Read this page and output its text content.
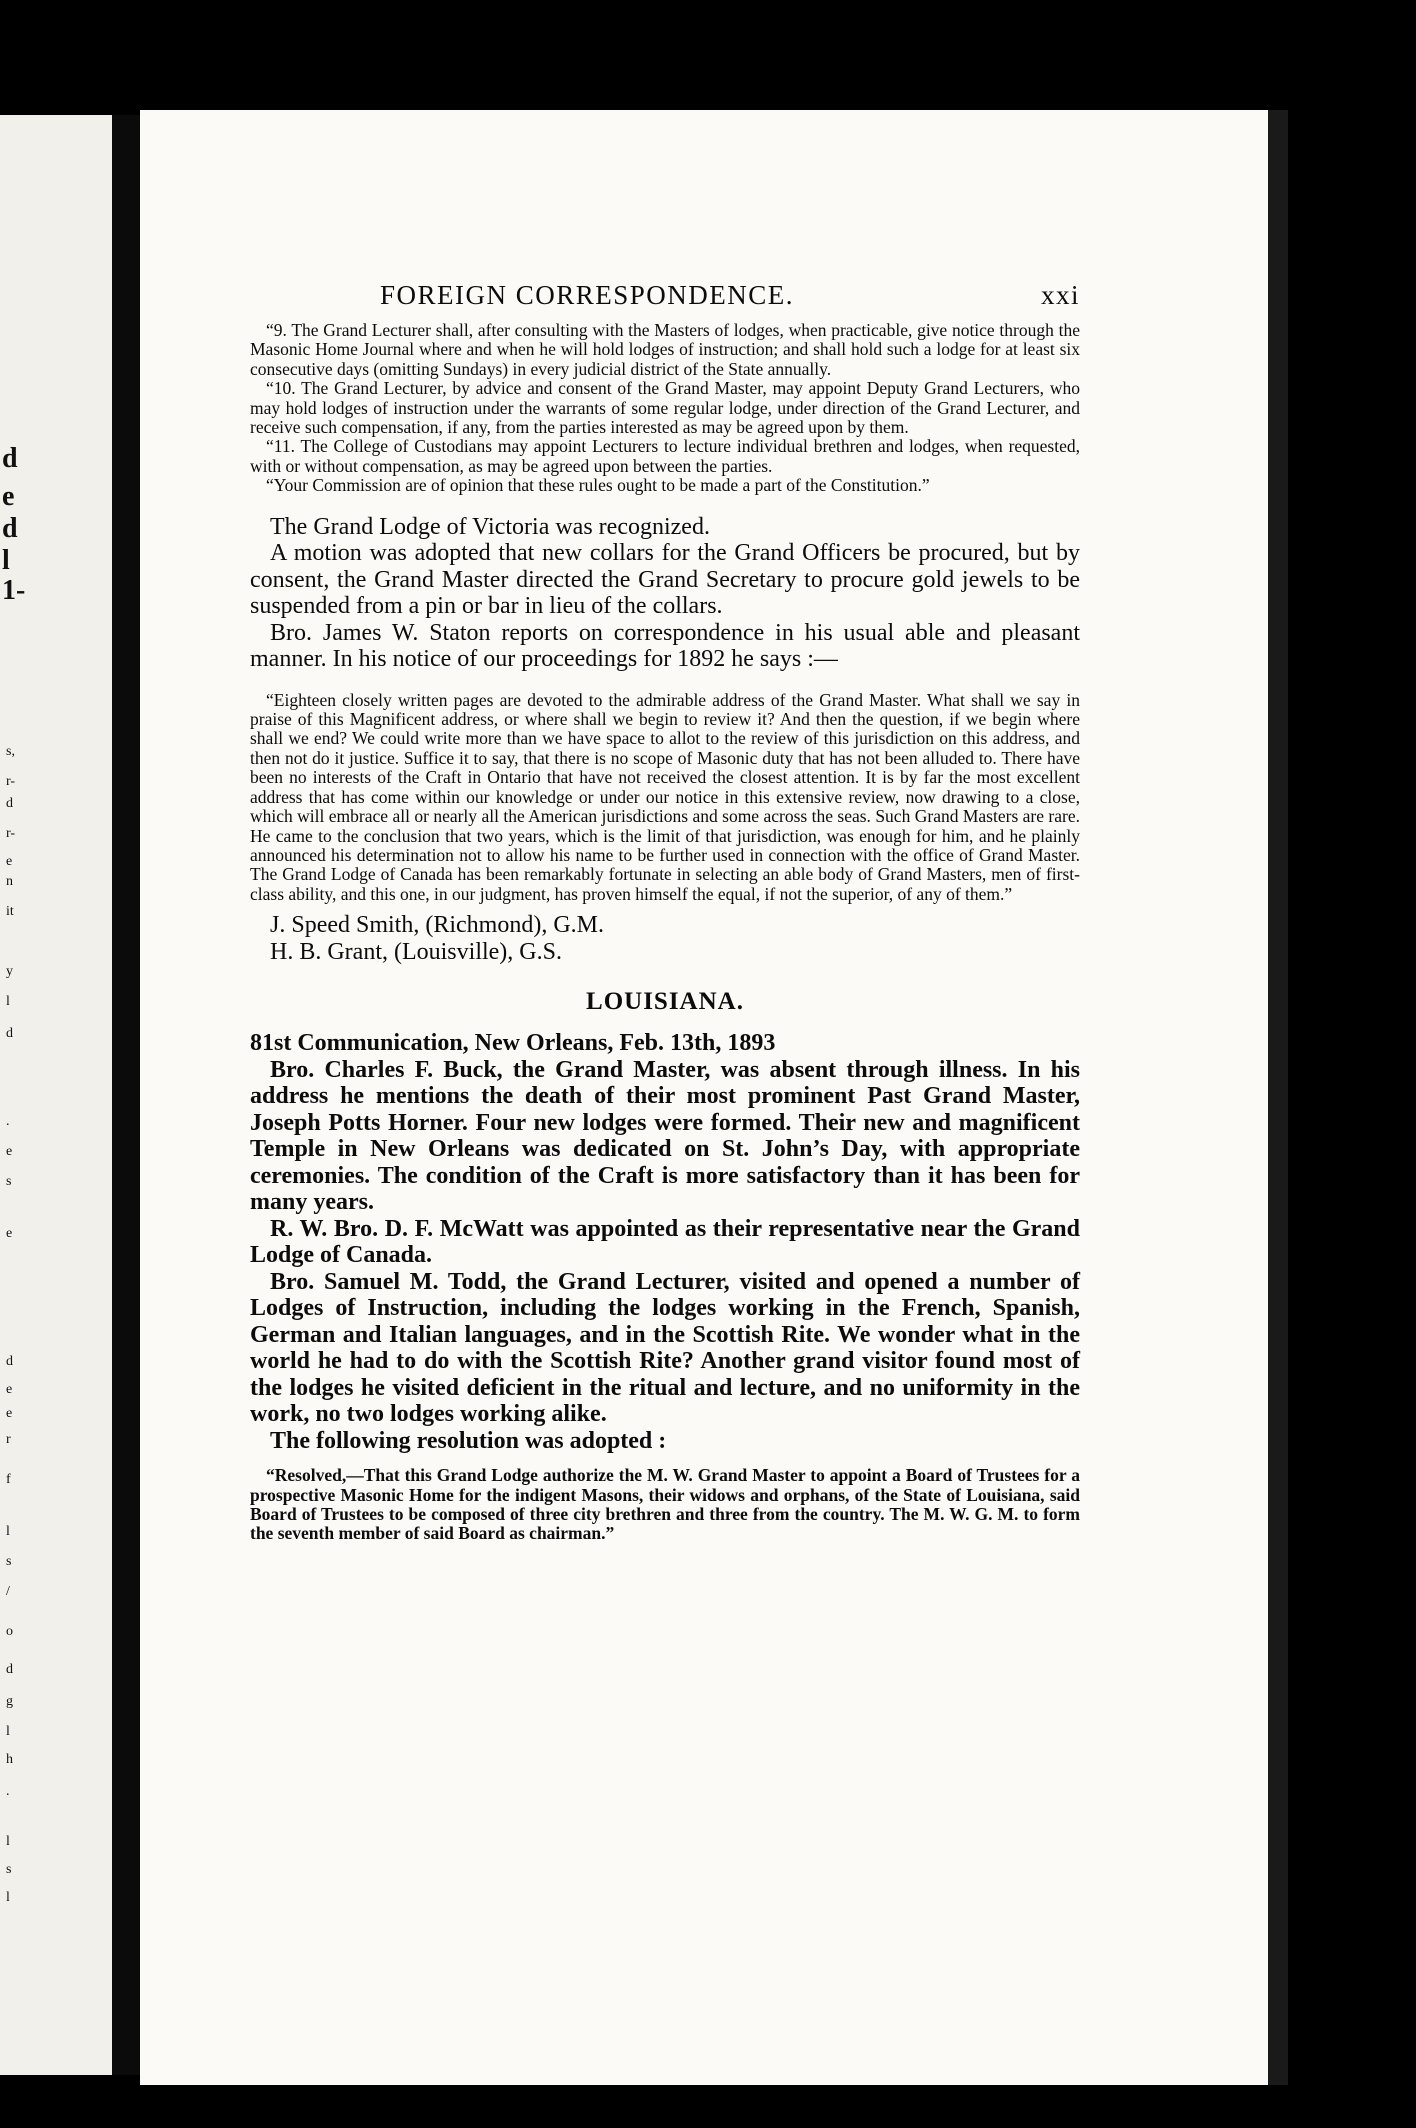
d
e
d
l
1-
s,
r-
d
r-
e
n
it
y
l
d
.
e
s
e
d
e
e
r
f
l
s
/
o
d
g
l
h
.
l
s
l
FOREIGN CORRESPONDENCE.	xxi

“9. The Grand Lecturer shall, after consulting with the Masters of lodges, when practicable, give notice through the Masonic Home Journal where and when he will hold lodges of instruction; and shall hold such a lodge for at least six consecutive days (omitting Sundays) in every judicial district of the State annually.

“10. The Grand Lecturer, by advice and consent of the Grand Master, may appoint Deputy Grand Lecturers, who may hold lodges of instruction under the warrants of some regular lodge, under direction of the Grand Lecturer, and receive such compensation, if any, from the parties interested as may be agreed upon by them.

“11. The College of Custodians may appoint Lecturers to lecture individual brethren and lodges, when requested, with or without compensation, as may be agreed upon between the parties.

“Your Commission are of opinion that these rules ought to be made a part of the Constitution.”

The Grand Lodge of Victoria was recognized.

A motion was adopted that new collars for the Grand Officers be procured, but by consent, the Grand Master directed the Grand Secretary to procure gold jewels to be suspended from a pin or bar in lieu of the collars.

Bro. James W. Staton reports on correspondence in his usual able and pleasant manner. In his notice of our proceedings for 1892 he says :—

“Eighteen closely written pages are devoted to the admirable address of the Grand Master. What shall we say in praise of this Magnificent address, or where shall we begin to review it? And then the question, if we begin where shall we end? We could write more than we have space to allot to the review of this jurisdiction on this address, and then not do it justice. Suffice it to say, that there is no scope of Masonic duty that has not been alluded to. There have been no interests of the Craft in Ontario that have not received the closest attention. It is by far the most excellent address that has come within our knowledge or under our notice in this extensive review, now drawing to a close, which will embrace all or nearly all the American jurisdictions and some across the seas. Such Grand Masters are rare. He came to the conclusion that two years, which is the limit of that jurisdiction, was enough for him, and he plainly announced his determination not to allow his name to be further used in connection with the office of Grand Master. The Grand Lodge of Canada has been remarkably fortunate in selecting an able body of Grand Masters, men of first-class ability, and this one, in our judgment, has proven himself the equal, if not the superior, of any of them.”

J. Speed Smith, (Richmond), G.M.
H. B. Grant, (Louisville), G.S.
LOUISIANA.
81st Communication, New Orleans, Feb. 13th, 1893

Bro. Charles F. Buck, the Grand Master, was absent through illness. In his address he mentions the death of their most prominent Past Grand Master, Joseph Potts Horner. Four new lodges were formed. Their new and magnificent Temple in New Orleans was dedicated on St. John’s Day, with appropriate ceremonies. The condition of the Craft is more satisfactory than it has been for many years.

R. W. Bro. D. F. McWatt was appointed as their representative near the Grand Lodge of Canada.

Bro. Samuel M. Todd, the Grand Lecturer, visited and opened a number of Lodges of Instruction, including the lodges working in the French, Spanish, German and Italian languages, and in the Scottish Rite. We wonder what in the world he had to do with the Scottish Rite? Another grand visitor found most of the lodges he visited deficient in the ritual and lecture, and no uniformity in the work, no two lodges working alike.

The following resolution was adopted :

“Resolved,—That this Grand Lodge authorize the M. W. Grand Master to appoint a Board of Trustees for a prospective Masonic Home for the indigent Masons, their widows and orphans, of the State of Louisiana, said Board of Trustees to be composed of three city brethren and three from the country. The M. W. G. M. to form the seventh member of said Board as chairman.”
